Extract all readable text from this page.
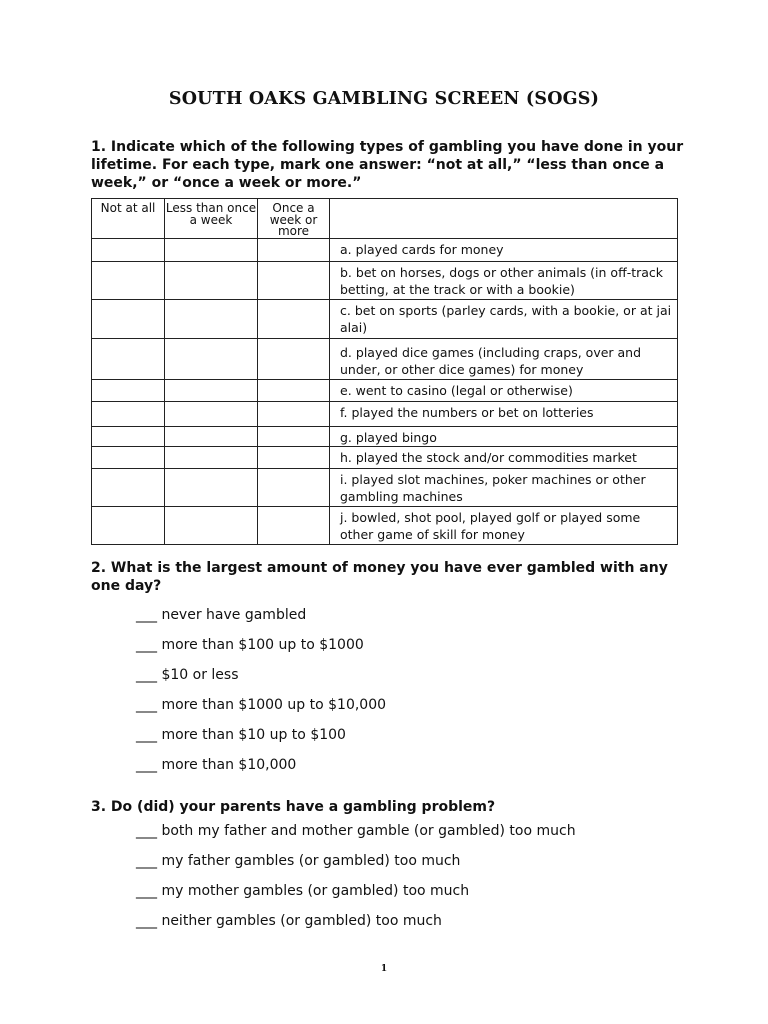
SOUTH OAKS GAMBLING SCREEN (SOGS)
1. Indicate which of the following types of gambling you have done in your lifetime. For each type, mark one answer: “not at all,” “less than once a week,” or “once a week or more.”
Not at all	Less than once a week	Once a week or more	
			a. played cards for money
			b. bet on horses, dogs or other animals (in off-track betting, at the track or with a bookie)
			c. bet on sports (parley cards, with a bookie, or at jai alai)
			d. played dice games (including craps, over and under, or other dice games) for money
			e. went to casino (legal or otherwise)
			f. played the numbers or bet on lotteries
			g. played bingo
			h. played the stock and/or commodities market
			i. played slot machines, poker machines or other gambling machines
			j. bowled, shot pool, played golf or played some other game of skill for money
2. What is the largest amount of money you have ever gambled with any one day?
___ never have gambled
___ more than $100 up to $1000
___ $10 or less
___ more than $1000 up to $10,000
___ more than $10 up to $100
___ more than $10,000
3. Do (did) your parents have a gambling problem?
___ both my father and mother gamble (or gambled) too much
___ my father gambles (or gambled) too much
___ my mother gambles (or gambled) too much
___ neither gambles (or gambled) too much
1
